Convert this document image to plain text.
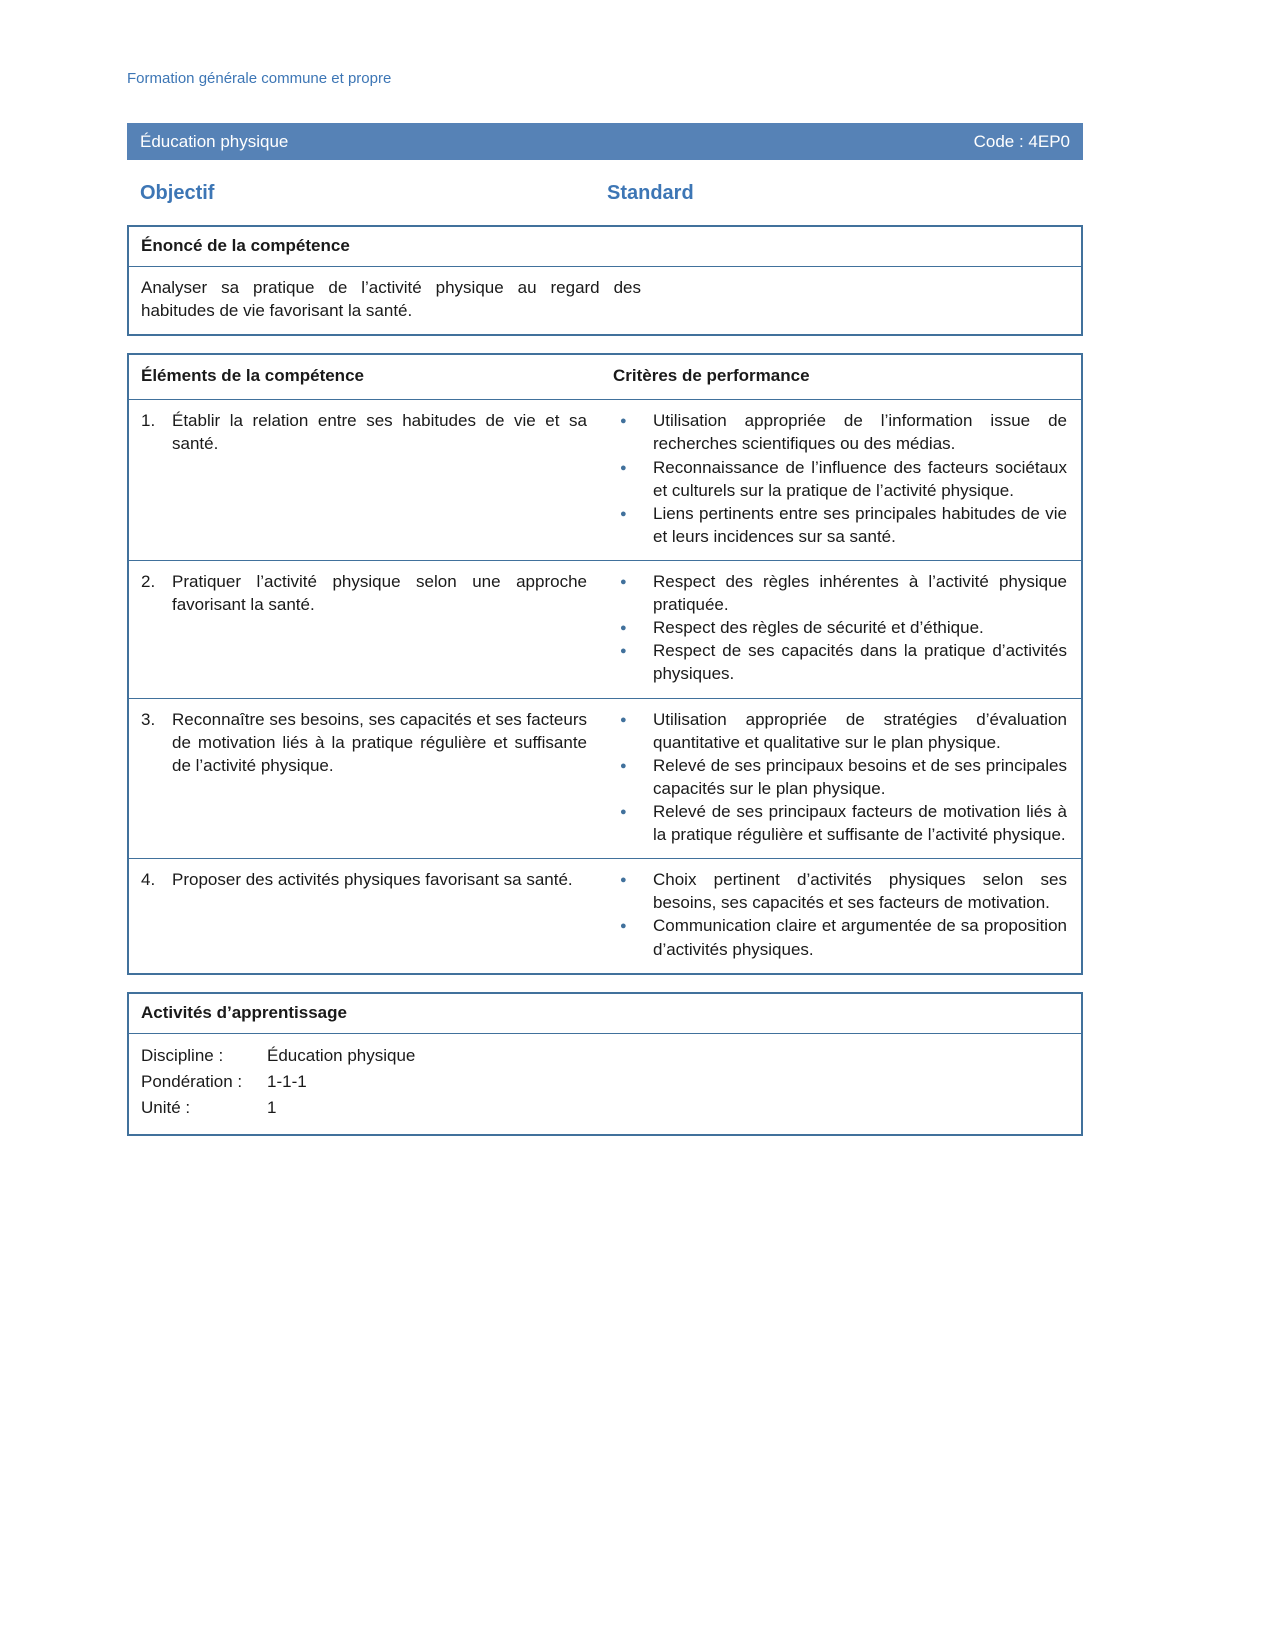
Formation générale commune et propre
Éducation physique	Code : 4EP0
Objectif	Standard
Énoncé de la compétence

Analyser sa pratique de l’activité physique au regard des habitudes de vie favorisant la santé.

Éléments de la compétence	Critères de performance
1. Établir la relation entre ses habitudes de vie et sa santé.
●	Utilisation appropriée de l’information issue de recherches scientifiques ou des médias.
●	Reconnaissance de l’influence des facteurs sociétaux et culturels sur la pratique de l’activité physique.
●	Liens pertinents entre ses principales habitudes de vie et leurs incidences sur sa santé.
2. Pratiquer l’activité physique selon une approche favorisant la santé.
●	Respect des règles inhérentes à l’activité physique pratiquée.
●	Respect des règles de sécurité et d’éthique.
●	Respect de ses capacités dans la pratique d’activités physiques.
3. Reconnaître ses besoins, ses capacités et ses facteurs de motivation liés à la pratique régulière et suffisante de l’activité physique.
●	Utilisation appropriée de stratégies d’évaluation quantitative et qualitative sur le plan physique.
●	Relevé de ses principaux besoins et de ses principales capacités sur le plan physique.
●	Relevé de ses principaux facteurs de motivation liés à la pratique régulière et suffisante de l’activité physique.
4. Proposer des activités physiques favorisant sa santé.	●	Choix pertinent d’activités physiques selon ses besoins, ses capacités et ses facteurs de motivation.
●	Communication claire et argumentée de sa proposition d’activités physiques.
Activités d’apprentissage
Discipline :	Éducation physique
Pondération :	1-1-1
Unité :	1
